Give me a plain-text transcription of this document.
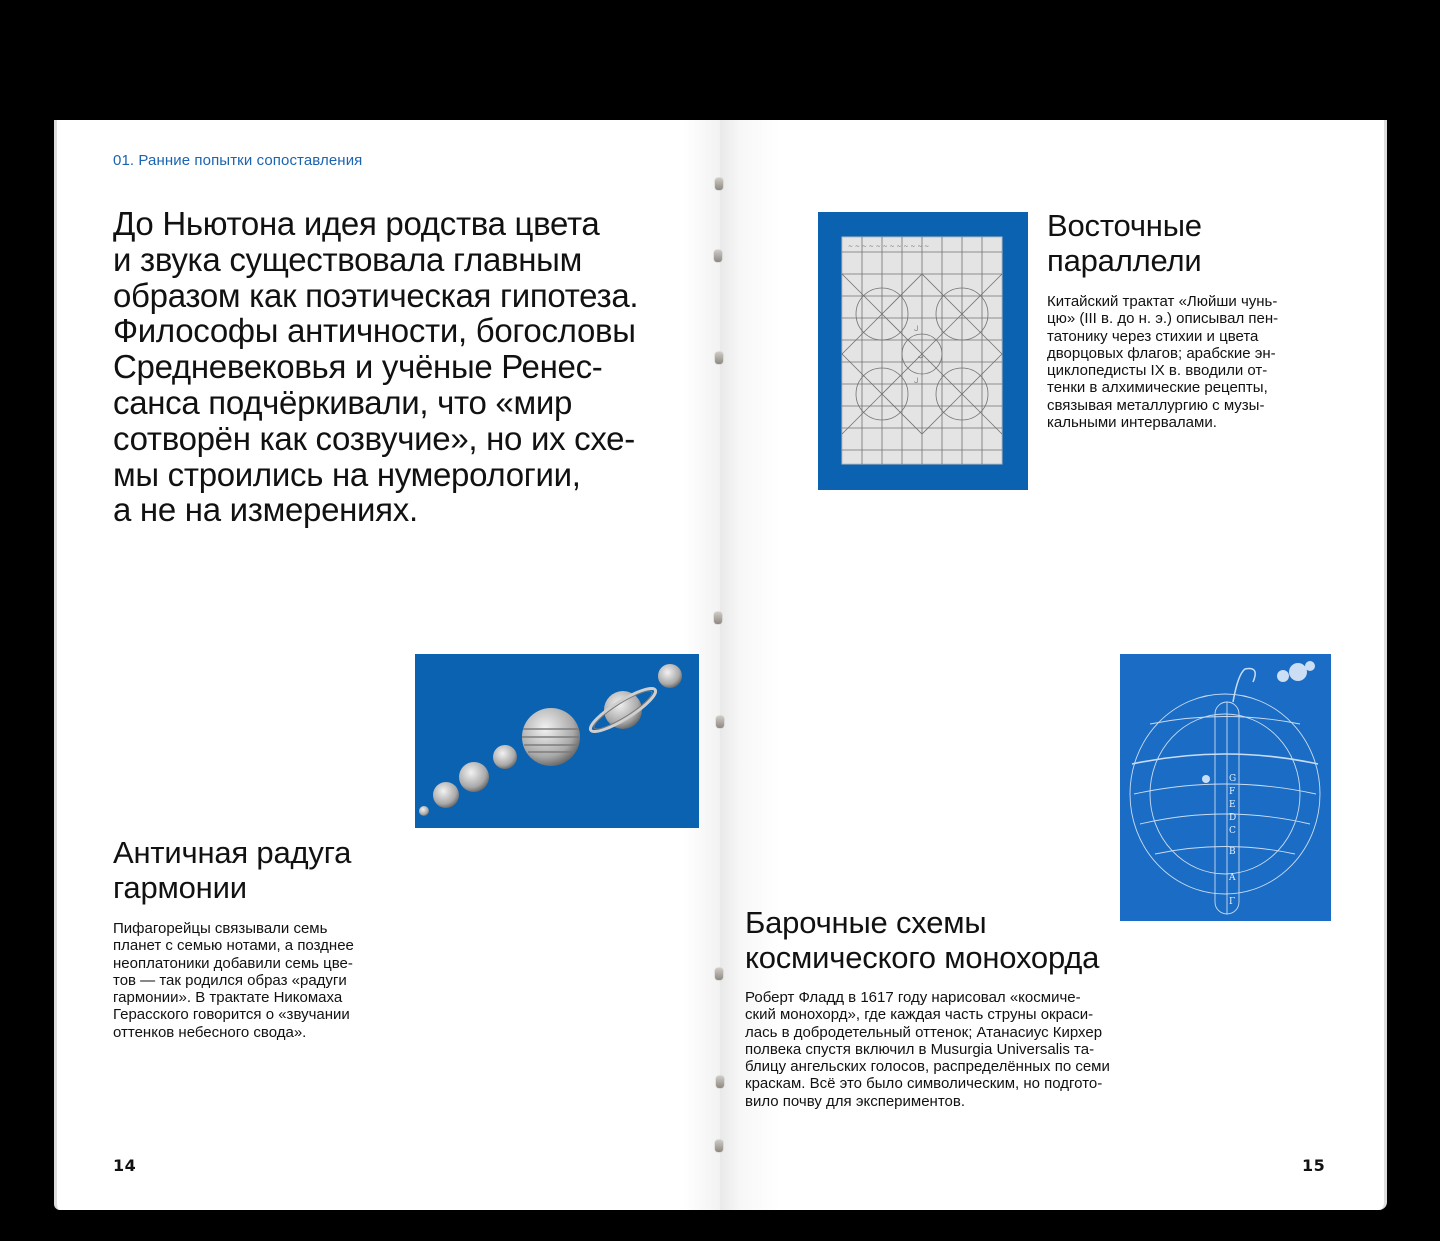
01. Ранние попытки сопоставления
До Ньютона идея родства цвета
и звука существовала главным
образом как поэтическая гипотеза.
Философы античности, богословы
Средневековья и учёные Ренес-
санса подчёркивали, что «мир
сотворён как созвучие», но их схе-
мы строились на нумерологии,
а не на измерениях.
Античная радуга
гармонии
Пифагорейцы связывали семь
планет с семью нотами, а позднее
неоплатоники добавили семь цве-
тов — так родился образ «радуги
гармонии». В трактате Никомаха
Герасского говорится о «звучании
оттенков небесного свода».
14
~ ~ ~ ~ ~ ~ ~ ~ ~ ~ ~ ~
ل
ب
ل
Восточные
параллели
Китайский трактат «Люйши чунь-
цю» (III в. до н. э.) описывал пен-
татонику через стихии и цвета
дворцовых флагов; арабские эн-
циклопедисты IX в. вводили от-
тенки в алхимические рецепты,
связывая металлургию с музы-
кальными интервалами.
G
F
E
D
C
B
A
Γ
Барочные схемы
космического монохорда
Роберт Фладд в 1617 году нарисовал «космиче-
ский монохорд», где каждая часть струны окраси-
лась в добродетельный оттенок; Атанасиус Кирхер
полвека спустя включил в Musurgia Universalis та-
блицу ангельских голосов, распределённых по семи
краскам. Всё это было символическим, но подгото-
вило почву для экспериментов.
15
